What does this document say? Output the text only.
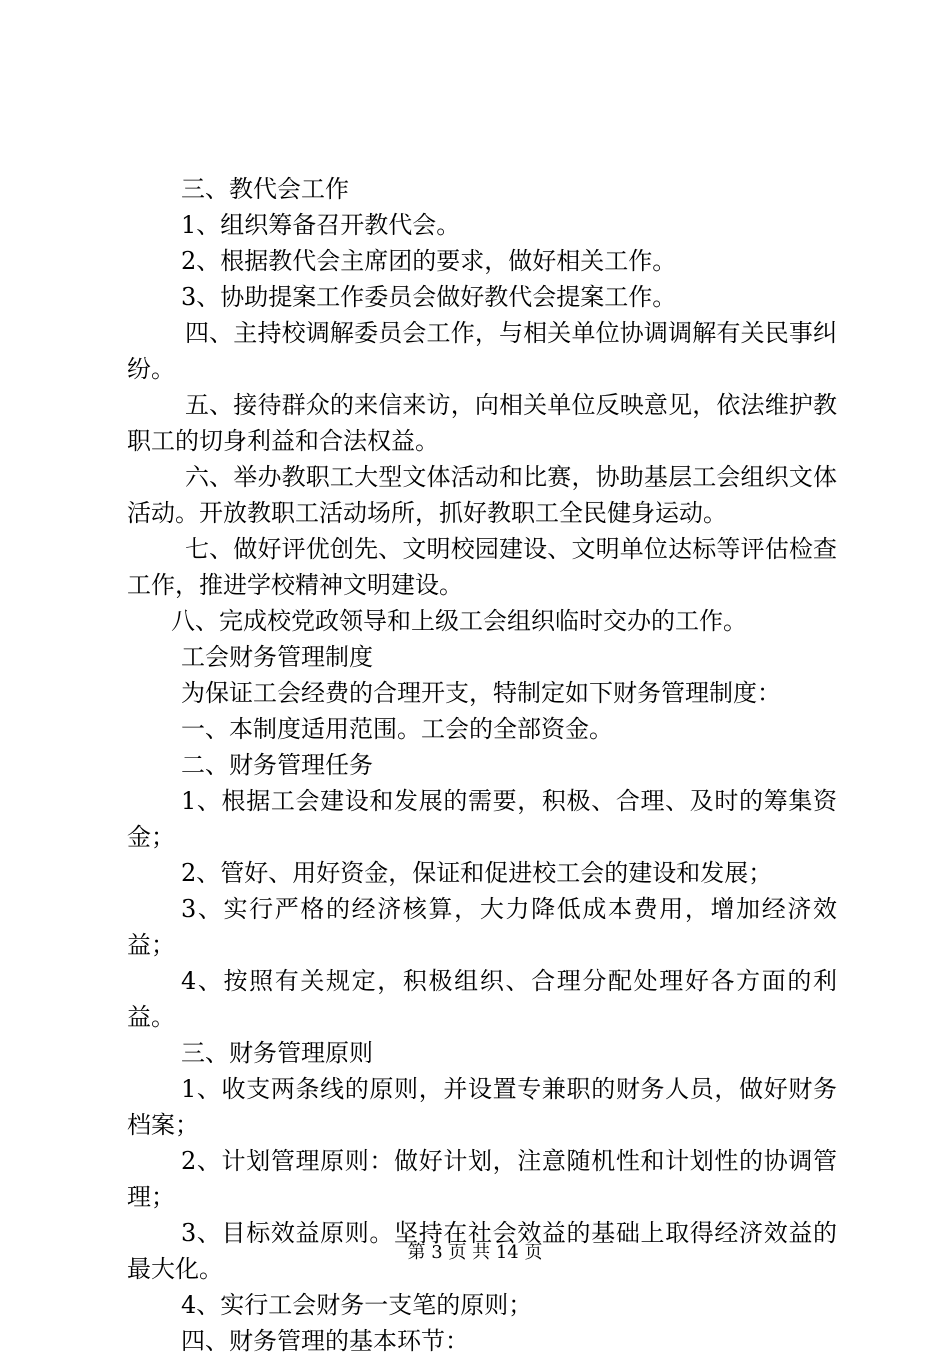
三、教代会工作

1、组织筹备召开教代会。

2、根据教代会主席团的要求，做好相关工作。

3、协助提案工作委员会做好教代会提案工作。

四、主持校调解委员会工作，与相关单位协调调解有关民事纠纷。

五、接待群众的来信来访，向相关单位反映意见，依法维护教职工的切身利益和合法权益。

六、举办教职工大型文体活动和比赛，协助基层工会组织文体活动。开放教职工活动场所，抓好教职工全民健身运动。

七、做好评优创先、文明校园建设、文明单位达标等评估检查工作，推进学校精神文明建设。

八、完成校党政领导和上级工会组织临时交办的工作。

工会财务管理制度

为保证工会经费的合理开支，特制定如下财务管理制度：

一、本制度适用范围。工会的全部资金。

二、财务管理任务

1、根据工会建设和发展的需要，积极、合理、及时的筹集资金；

2、管好、用好资金，保证和促进校工会的建设和发展；

3、实行严格的经济核算，大力降低成本费用，增加经济效益；

4、按照有关规定，积极组织、合理分配处理好各方面的利益。

三、财务管理原则

1、收支两条线的原则，并设置专兼职的财务人员，做好财务档案；

2、计划管理原则：做好计划，注意随机性和计划性的协调管理；

3、目标效益原则。坚持在社会效益的基础上取得经济效益的最大化。

4、实行工会财务一支笔的原则；

四、财务管理的基本环节：

第 3 页 共 14 页
